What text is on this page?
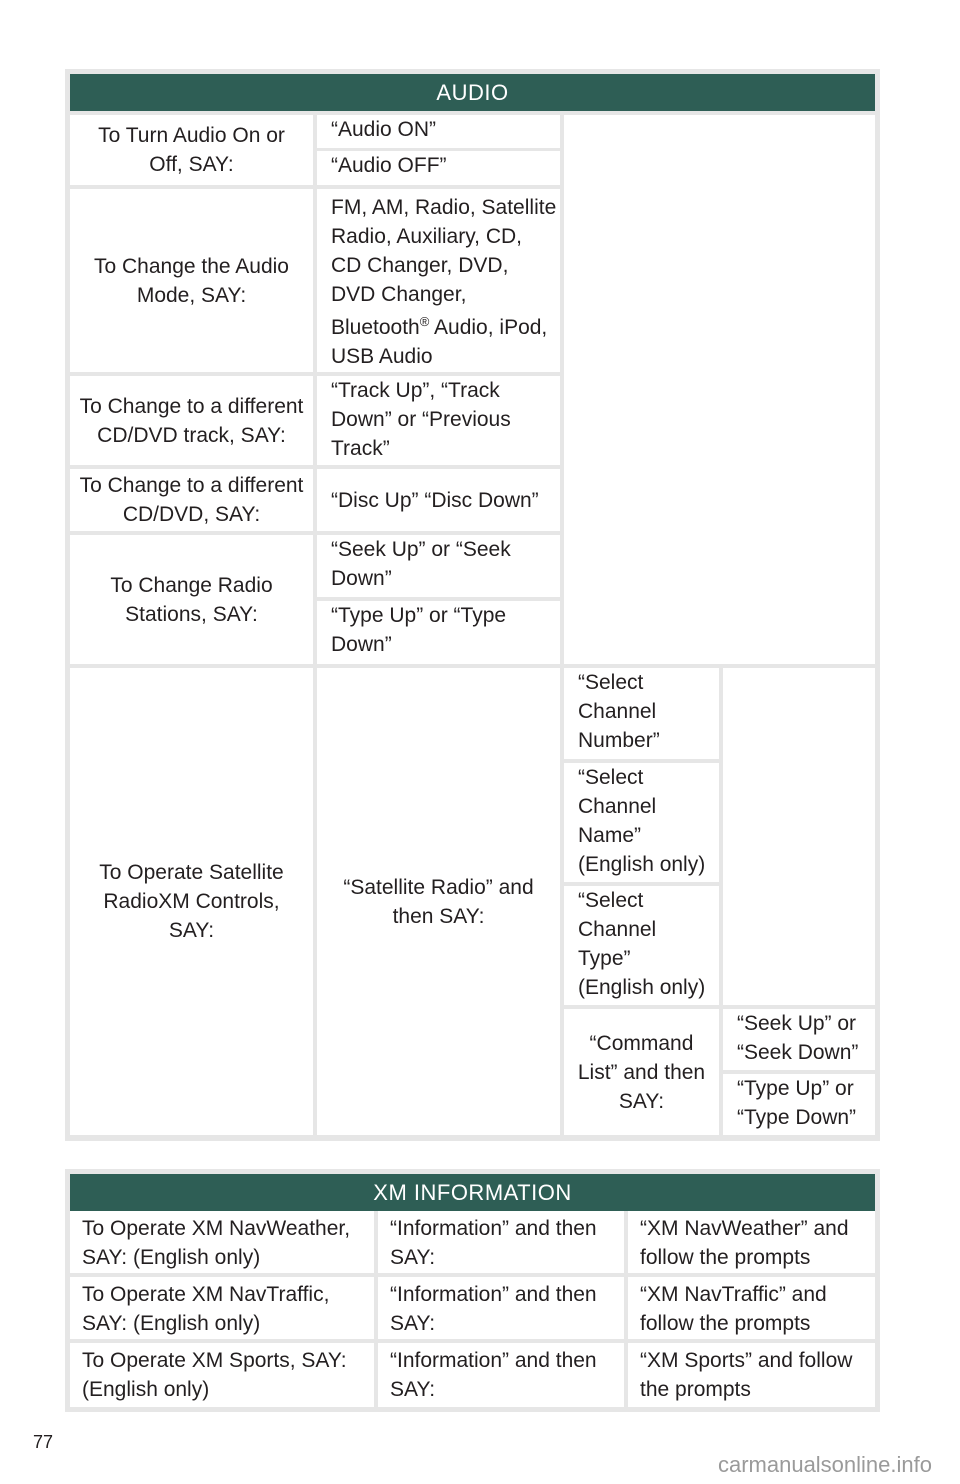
AUDIO
To Turn Audio On or
Off, SAY:
“Audio ON”
“Audio OFF”
To Change the Audio
Mode, SAY:
FM, AM, Radio, Satellite
Radio, Auxiliary, CD,
CD Changer, DVD,
DVD Changer,
Bluetooth® Audio, iPod,
USB Audio
To Change to a different
CD/DVD track, SAY:
“Track Up”, “Track
Down” or “Previous
Track”
To Change to a different
CD/DVD, SAY:
“Disc Up” “Disc Down”
To Change Radio
Stations, SAY:
“Seek Up” or “Seek
Down”
“Type Up” or “Type
Down”
To Operate Satellite
RadioXM Controls,
SAY:
“Satellite Radio” and
then SAY:
“Select
Channel
Number”
“Select
Channel
Name”
(English only)
“Select
Channel
Type”
(English only)
“Command
List” and then
SAY:
“Seek Up” or
“Seek Down”
“Type Up” or
“Type Down”
XM INFORMATION
To Operate XM NavWeather,
SAY: (English only)
“Information” and then
SAY:
“XM NavWeather” and
follow the prompts
To Operate XM NavTraffic,
SAY: (English only)
“Information” and then
SAY:
“XM NavTraffic” and
follow the prompts
To Operate XM Sports, SAY:
(English only)
“Information” and then
SAY:
“XM Sports” and follow
the prompts
77
carmanualsonline.info
